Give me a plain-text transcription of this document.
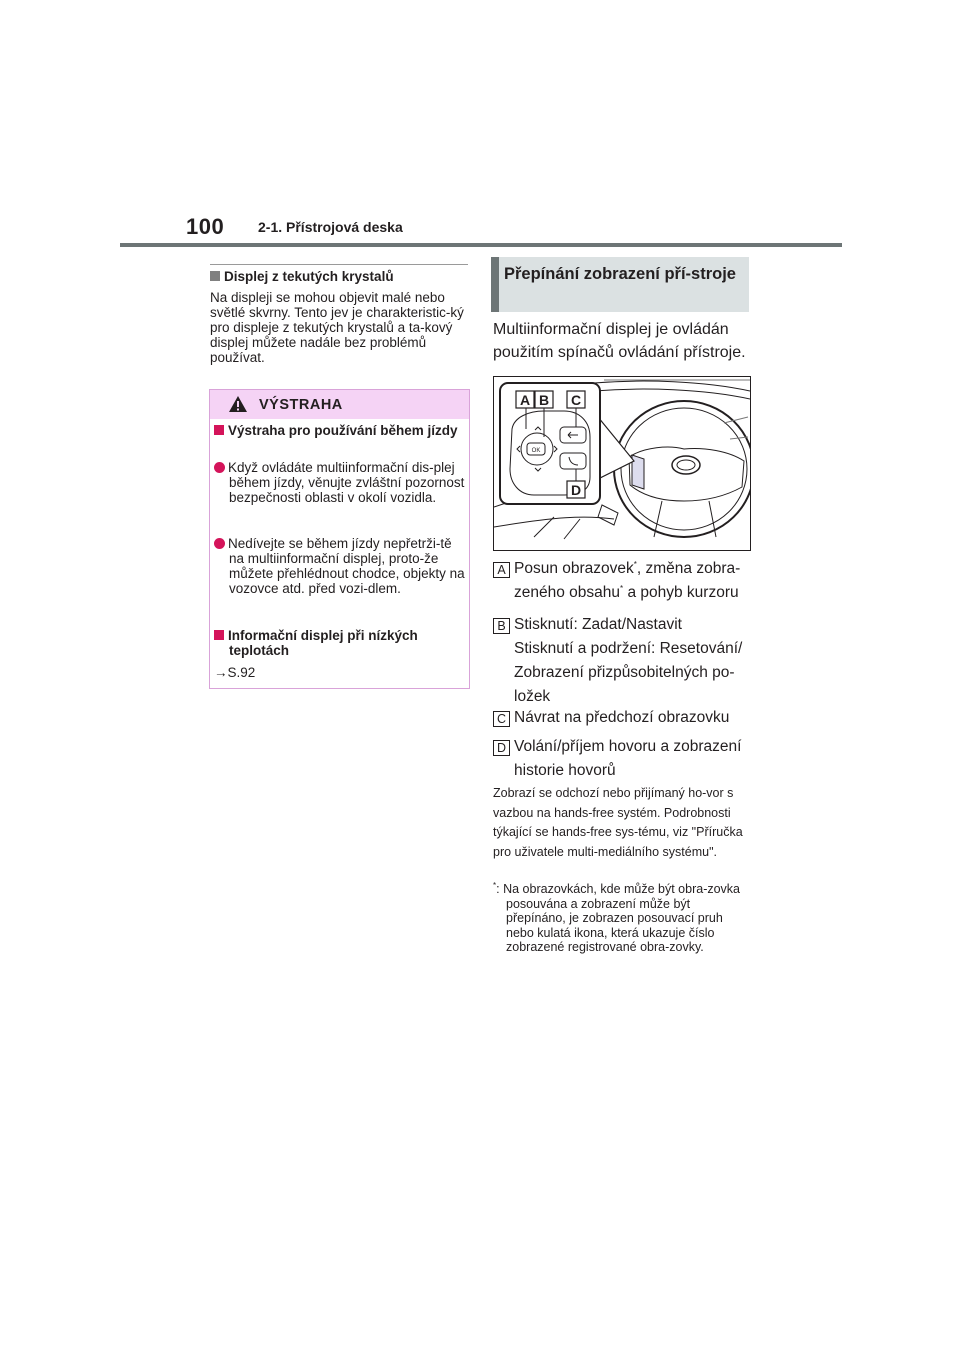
100 2-1. Přístrojová deska
Displej z tekutých krystalů
Na displeji se mohou objevit malé nebo světlé skvrny. Tento jev je charakteristic-ký pro displeje z tekutých krystalů a ta-kový displej můžete nadále bez problémů používat.
VÝSTRAHA
Výstraha pro používání během jízdy
Když ovládáte multiinformační dis-plej během jízdy, věnujte zvláštní pozornost bezpečnosti oblasti v okolí vozidla.
Nedívejte se během jízdy nepřetrži-tě na multiinformační displej, proto-že můžete přehlédnout chodce, objekty na vozovce atd. před vozi-dlem.
Informační displej při nízkých teplotách
→S.92
Přepínání zobrazení pří-stroje
Multiinformační displej je ovládán použitím spínačů ovládání přístroje.
OK
A B C
D
A Posun obrazovek*, změna zobra-zeného obsahu* a pohyb kurzoru
B Stisknutí: Zadat/Nastavit
Stisknutí a podržení: Resetování/ Zobrazení přizpůsobitelných po-ložek
C Návrat na předchozí obrazovku
D Volání/příjem hovoru a zobrazení historie hovorů
Zobrazí se odchozí nebo přijímaný ho-vor s vazbou na hands-free systém. Podrobnosti týkající se hands-free sys-tému, viz "Příručka pro uživatele multi-mediálního systému".
*: Na obrazovkách, kde může být obra-zovka posouvána a zobrazení může být přepínáno, je zobrazen posouvací pruh nebo kulatá ikona, která ukazuje číslo zobrazené registrované obra-zovky.
